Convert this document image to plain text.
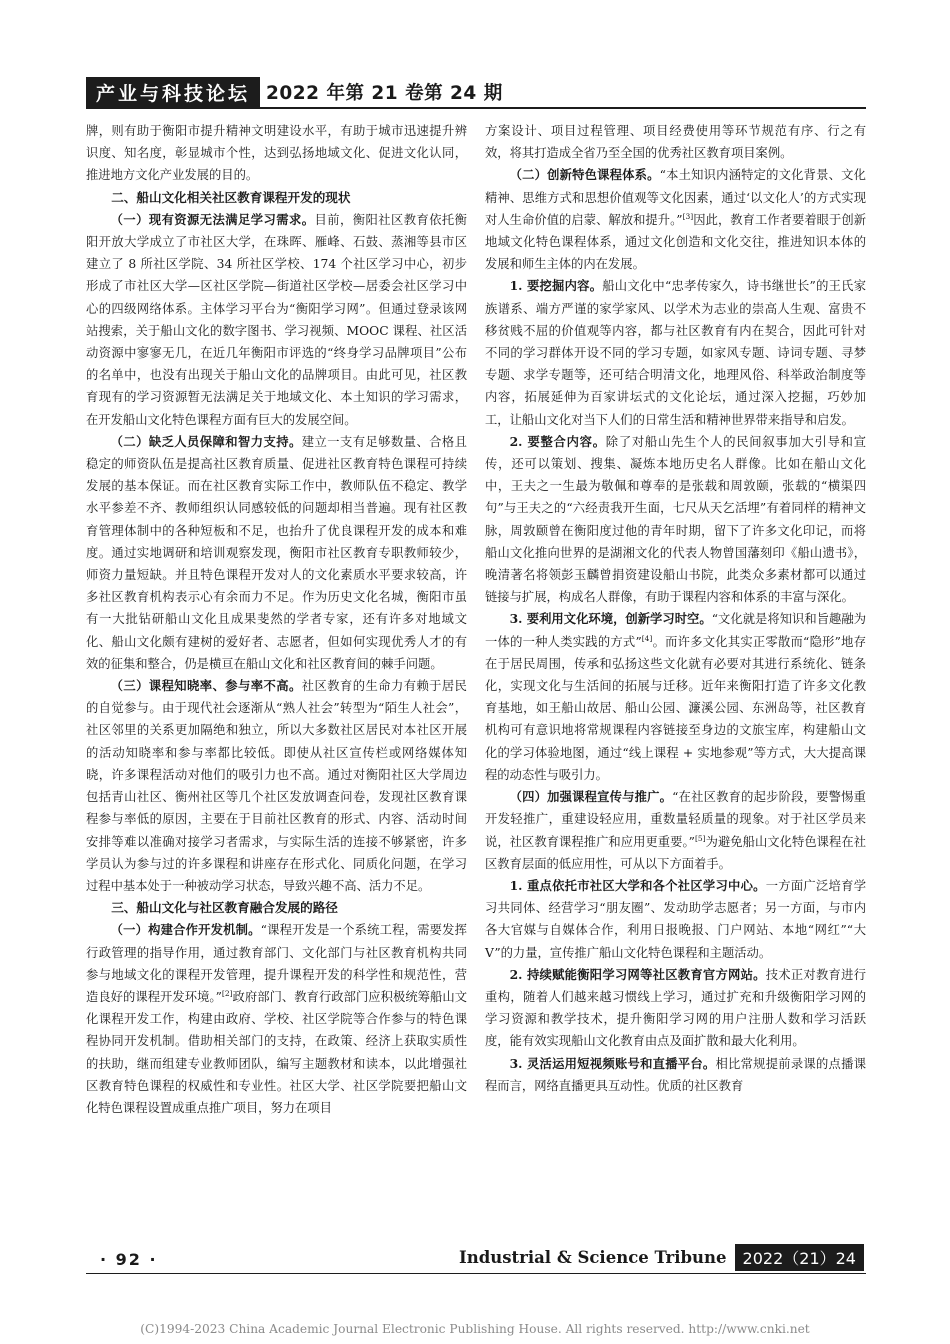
产业与科技论坛 2022 年第 21 卷第 24 期

牌，则有助于衡阳市提升精神文明建设水平，有助于城市迅速提升辨识度、知名度，彰显城市个性，达到弘扬地域文化、促进文化认同，推进地方文化产业发展的目的。

二、船山文化相关社区教育课程开发的现状

（一）现有资源无法满足学习需求。目前，衡阳社区教育依托衡阳开放大学成立了市社区大学，在珠晖、雁峰、石鼓、蒸湘等县市区建立了 8 所社区学院、34 所社区学校、174 个社区学习中心，初步形成了市社区大学—区社区学院—街道社区学校—居委会社区学习中心的四级网络体系。主体学习平台为“衡阳学习网”。但通过登录该网站搜索，关于船山文化的数字图书、学习视频、MOOC 课程、社区活动资源中寥寥无几，在近几年衡阳市评选的“终身学习品牌项目”公布的名单中，也没有出现关于船山文化的品牌项目。由此可见，社区教育现有的学习资源暂无法满足关于地域文化、本土知识的学习需求，在开发船山文化特色课程方面有巨大的发展空间。

（二）缺乏人员保障和智力支持。建立一支有足够数量、合格且稳定的师资队伍是提高社区教育质量、促进社区教育特色课程可持续发展的基本保证。而在社区教育实际工作中，教师队伍不稳定、教学水平参差不齐、教师组织认同感较低的问题却相当普遍。现有社区教育管理体制中的各种短板和不足，也抬升了优良课程开发的成本和难度。通过实地调研和培训观察发现，衡阳市社区教育专职教师较少，师资力量短缺。并且特色课程开发对人的文化素质水平要求较高，许多社区教育机构表示心有余而力不足。作为历史文化名城，衡阳市虽有一大批钻研船山文化且成果斐然的学者专家，还有许多对地域文化、船山文化颇有建树的爱好者、志愿者，但如何实现优秀人才的有效的征集和整合，仍是横亘在船山文化和社区教育间的棘手问题。

（三）课程知晓率、参与率不高。社区教育的生命力有赖于居民的自觉参与。由于现代社会逐渐从“熟人社会”转型为“陌生人社会”，社区邻里的关系更加隔绝和独立，所以大多数社区居民对本社区开展的活动知晓率和参与率都比较低。即使从社区宣传栏或网络媒体知晓，许多课程活动对他们的吸引力也不高。通过对衡阳社区大学周边包括青山社区、衡州社区等几个社区发放调查问卷，发现社区教育课程参与率低的原因，主要在于目前社区教育的形式、内容、活动时间安排等难以准确对接学习者需求，与实际生活的连接不够紧密，许多学员认为参与过的许多课程和讲座存在形式化、同质化问题，在学习过程中基本处于一种被动学习状态，导致兴趣不高、活力不足。

三、船山文化与社区教育融合发展的路径

（一）构建合作开发机制。“课程开发是一个系统工程，需要发挥行政管理的指导作用，通过教育部门、文化部门与社区教育机构共同参与地域文化的课程开发管理，提升课程开发的科学性和规范性，营造良好的课程开发环境。”[2]政府部门、教育行政部门应积极统筹船山文化课程开发工作，构建由政府、学校、社区学院等合作参与的特色课程协同开发机制。借助相关部门的支持，在政策、经济上获取实质性的扶助，继而组建专业教师团队，编写主题教材和读本，以此增强社区教育特色课程的权威性和专业性。社区大学、社区学院要把船山文化特色课程设置成重点推广项目，努力在项目

方案设计、项目过程管理、项目经费使用等环节规范有序、行之有效，将其打造成全省乃至全国的优秀社区教育项目案例。

（二）创新特色课程体系。“本土知识内涵特定的文化背景、文化精神、思维方式和思想价值观等文化因素，通过‘以文化人’的方式实现对人生命价值的启蒙、解放和提升。”[3]因此，教育工作者要着眼于创新地域文化特色课程体系，通过文化创造和文化交往，推进知识本体的发展和师生主体的内在发展。

1. 要挖掘内容。船山文化中“忠孝传家久，诗书继世长”的王氏家族谱系、端方严谨的家学家风、以学术为志业的崇高人生观、富贵不移贫贱不屈的价值观等内容，都与社区教育有内在契合，因此可针对不同的学习群体开设不同的学习专题，如家风专题、诗词专题、寻梦专题、求学专题等，还可结合明清文化，地理风俗、科举政治制度等内容，拓展延伸为百家讲坛式的文化论坛，通过深入挖掘，巧妙加工，让船山文化对当下人们的日常生活和精神世界带来指导和启发。

2. 要整合内容。除了对船山先生个人的民间叙事加大引导和宣传，还可以策划、搜集、凝炼本地历史名人群像。比如在船山文化中，王夫之一生最为敬佩和尊奉的是张载和周敦颐，张载的“横渠四句”与王夫之的“六经责我开生面，七尺从天乞活埋”有着同样的精神文脉，周敦颐曾在衡阳度过他的青年时期，留下了许多文化印记，而将船山文化推向世界的是湖湘文化的代表人物曾国藩刻印《船山遗书》，晚清著名将领彭玉麟曾捐资建设船山书院，此类众多素材都可以通过链接与扩展，构成名人群像，有助于课程内容和体系的丰富与深化。

3. 要利用文化环境，创新学习时空。“文化就是将知识和旨趣融为一体的一种人类实践的方式”[4]。而许多文化其实正零散而“隐形”地存在于居民周围，传承和弘扬这些文化就有必要对其进行系统化、链条化，实现文化与生活间的拓展与迁移。近年来衡阳打造了许多文化教育基地，如王船山故居、船山公园、濂溪公园、东洲岛等，社区教育机构可有意识地将常规课程内容链接至身边的文旅宝库，构建船山文化的学习体验地图，通过“线上课程 + 实地参观”等方式，大大提高课程的动态性与吸引力。

（四）加强课程宣传与推广。“在社区教育的起步阶段，要警惕重开发轻推广，重建设轻应用，重数量轻质量的现象。对于社区学员来说，社区教育课程推广和应用更重要。”[5]为避免船山文化特色课程在社区教育层面的低应用性，可从以下方面着手。

1. 重点依托市社区大学和各个社区学习中心。一方面广泛培育学习共同体、经营学习“朋友圈”、发动助学志愿者；另一方面，与市内各大官媒与自媒体合作，利用日报晚报、门户网站、本地“网红”“大 V”的力量，宣传推广船山文化特色课程和主题活动。

2. 持续赋能衡阳学习网等社区教育官方网站。技术正对教育进行重构，随着人们越来越习惯线上学习，通过扩充和升级衡阳学习网的学习资源和教学技术，提升衡阳学习网的用户注册人数和学习活跃度，能有效实现船山文化教育由点及面扩散和最大化利用。

3. 灵活运用短视频账号和直播平台。相比常规提前录课的点播课程而言，网络直播更具互动性。优质的社区教育

· 92 ·	Industrial & Science Tribune	2022（21）24
(C)1994-2023 China Academic Journal Electronic Publishing House. All rights reserved. http://www.cnki.net
